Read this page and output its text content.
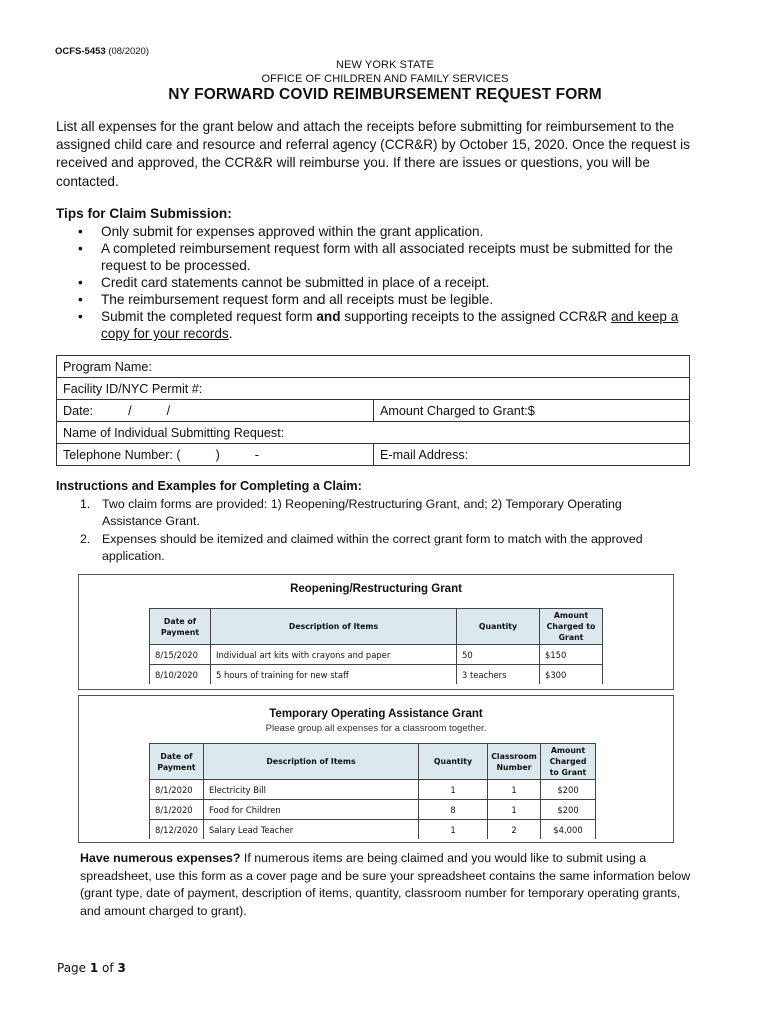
OCFS-5453 (08/2020)
NEW YORK STATE
OFFICE OF CHILDREN AND FAMILY SERVICES
NY FORWARD COVID REIMBURSEMENT REQUEST FORM
List all expenses for the grant below and attach the receipts before submitting for reimbursement to the assigned child care and resource and referral agency (CCR&R) by October 15, 2020. Once the request is received and approved, the CCR&R will reimburse you. If there are issues or questions, you will be contacted.
Tips for Claim Submission:
• Only submit for expenses approved within the grant application.
• A completed reimbursement request form with all associated receipts must be submitted for the request to be processed.
• Credit card statements cannot be submitted in place of a receipt.
• The reimbursement request form and all receipts must be legible.
• Submit the completed request form and supporting receipts to the assigned CCR&R and keep a copy for your records.
Program Name:	
Facility ID/NYC Permit #:	
Date:          /          /	Amount Charged to Grant:$
Name of Individual Submitting Request:	
Telephone Number: (          )          -	E-mail Address:
Instructions and Examples for Completing a Claim:
1. Two claim forms are provided: 1) Reopening/Restructuring Grant, and; 2) Temporary Operating Assistance Grant.
2. Expenses should be itemized and claimed within the correct grant form to match with the approved application.
Reopening/Restructuring Grant
Date of Payment	Description of Items	Quantity	Amount Charged to Grant
8/15/2020	Individual art kits with crayons and paper	50	$150
8/10/2020	5 hours of training for new staff	3 teachers	$300
Temporary Operating Assistance Grant
Please group all expenses for a classroom together.
Date of Payment	Description of Items	Quantity	Classroom Number	Amount Charged to Grant
8/1/2020	Electricity Bill	1	1	$200
8/1/2020	Food for Children	8	1	$200
8/12/2020	Salary Lead Teacher	1	2	$4,000
Have numerous expenses? If numerous items are being claimed and you would like to submit using a spreadsheet, use this form as a cover page and be sure your spreadsheet contains the same information below (grant type, date of payment, description of items, quantity, classroom number for temporary operating grants, and amount charged to grant).
Page 1 of 3
